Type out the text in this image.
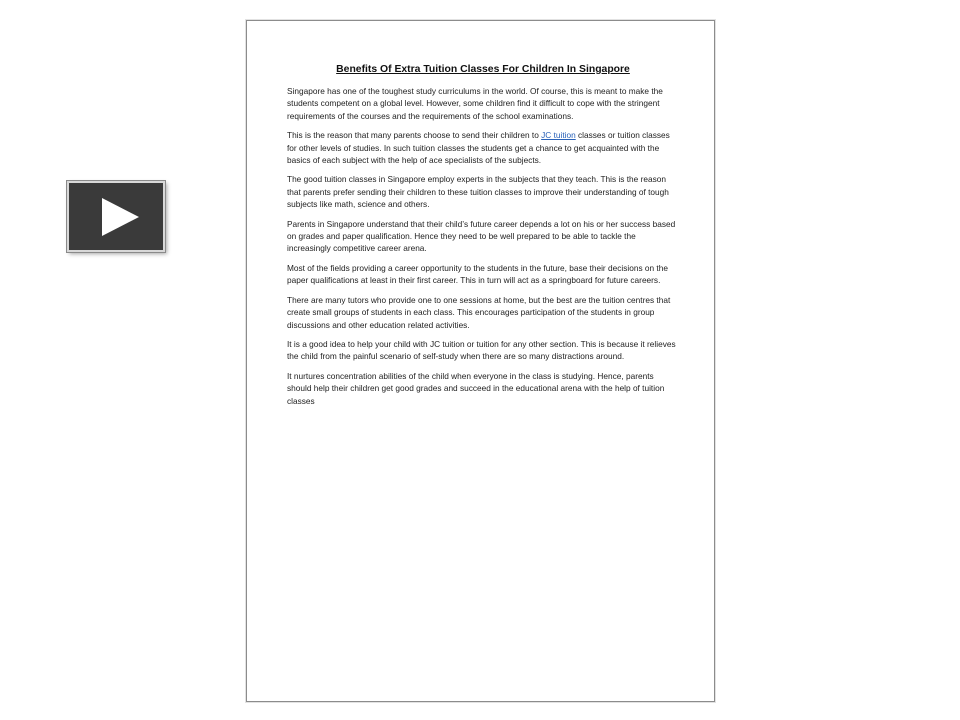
Benefits Of Extra Tuition Classes For Children In Singapore

Singapore has one of the toughest study curriculums in the world. Of course, this is meant to make the students competent on a global level. However, some children find it difficult to cope with the stringent requirements of the courses and the requirements of the school examinations.

This is the reason that many parents choose to send their children to JC tuition classes or tuition classes for other levels of studies. In such tuition classes the students get a chance to get acquainted with the basics of each subject with the help of ace specialists of the subjects.

The good tuition classes in Singapore employ experts in the subjects that they teach. This is the reason that parents prefer sending their children to these tuition classes to improve their understanding of tough subjects like math, science and others.

Parents in Singapore understand that their child’s future career depends a lot on his or her success based on grades and paper qualification. Hence they need to be well prepared to be able to tackle the increasingly competitive career arena.

Most of the fields providing a career opportunity to the students in the future, base their decisions on the paper qualifications at least in their first career. This in turn will act as a springboard for future careers.

There are many tutors who provide one to one sessions at home, but the best are the tuition centres that create small groups of students in each class. This encourages participation of the students in group discussions and other education related activities.

It is a good idea to help your child with JC tuition or tuition for any other section. This is because it relieves the child from the painful scenario of self-study when there are so many distractions around.

It nurtures concentration abilities of the child when everyone in the class is studying. Hence, parents should help their children get good grades and succeed in the educational arena with the help of tuition classes
